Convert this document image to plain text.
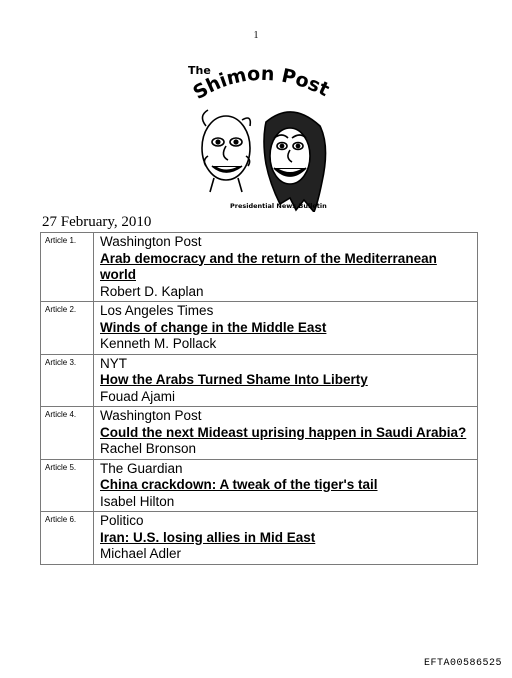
1
The
Shimon Post
Presidential News Bulletin
27 February, 2010
Article 1.	Washington Post
Arab democracy and the return of the Mediterranean world
Robert D. Kaplan

Article 2.	Los Angeles Times
Winds of change in the Middle East
Kenneth M. Pollack

Article 3.	NYT
How the Arabs Turned Shame Into Liberty
Fouad Ajami

Article 4.	Washington Post
Could the next Mideast uprising happen in Saudi Arabia?
Rachel Bronson

Article 5.	The Guardian
China crackdown: A tweak of the tiger's tail
Isabel Hilton

Article 6.	Politico
Iran: U.S. losing allies in Mid East
Michael Adler
EFTA00586525
